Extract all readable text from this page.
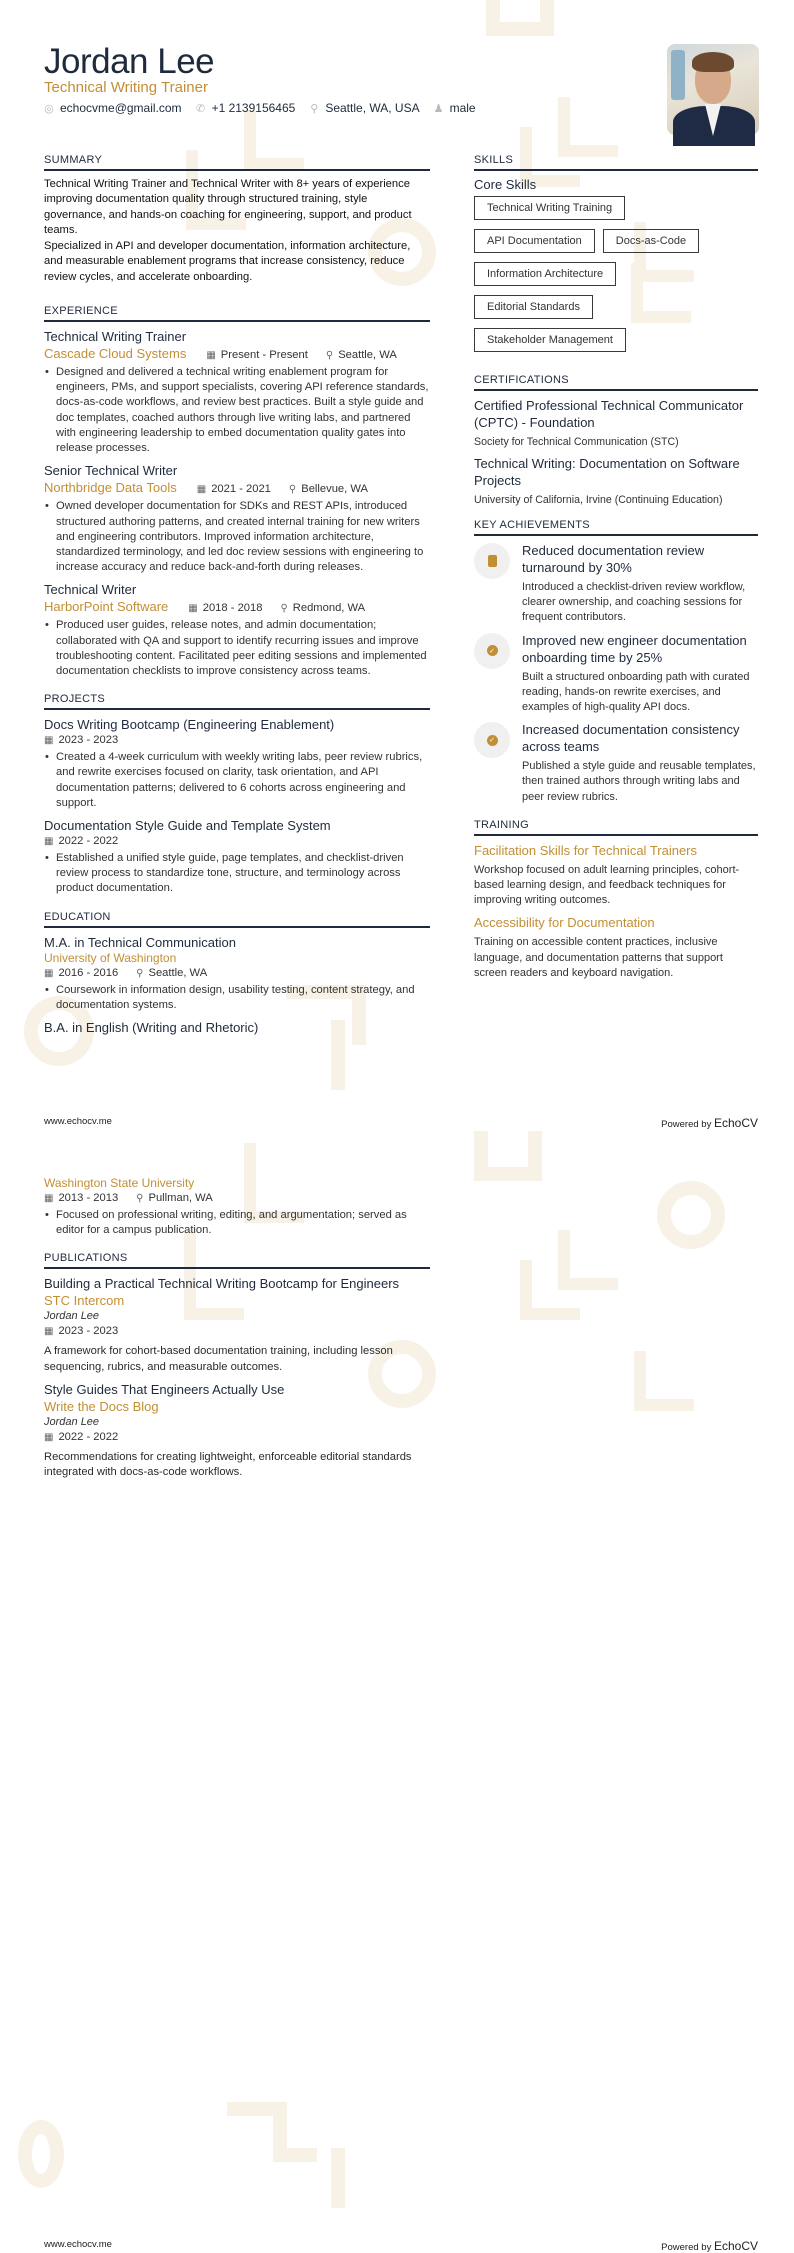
Jordan Lee
Technical Writing Trainer
◎ echocvme@gmail.com ✆ +1 2139156465 ⚲ Seattle, WA, USA ♟ male
SUMMARY

Technical Writing Trainer and Technical Writer with 8+ years of experience improving documentation quality through structured training, style governance, and hands-on coaching for engineering, support, and product teams.

Specialized in API and developer documentation, information architecture, and measurable enablement programs that increase consistency, reduce review cycles, and accelerate onboarding.

EXPERIENCE
Technical Writing Trainer
Cascade Cloud Systems ▦ Present - Present ⚲ Seattle, WA
• Designed and delivered a technical writing enablement program for engineers, PMs, and support specialists, covering API reference standards, docs-as-code workflows, and review best practices. Built a style guide and doc templates, coached authors through live writing labs, and partnered with engineering leadership to embed documentation quality gates into release processes.
Senior Technical Writer
Northbridge Data Tools ▦ 2021 - 2021 ⚲ Bellevue, WA
• Owned developer documentation for SDKs and REST APIs, introduced structured authoring patterns, and created internal training for new writers and engineering contributors. Improved information architecture, standardized terminology, and led doc review sessions with engineering to increase accuracy and reduce back-and-forth during releases.
Technical Writer
HarborPoint Software ▦ 2018 - 2018 ⚲ Redmond, WA
• Produced user guides, release notes, and admin documentation; collaborated with QA and support to identify recurring issues and improve troubleshooting content. Facilitated peer editing sessions and implemented documentation checklists to improve consistency across teams.
PROJECTS
Docs Writing Bootcamp (Engineering Enablement)
▦ 2023 - 2023
• Created a 4-week curriculum with weekly writing labs, peer review rubrics, and rewrite exercises focused on clarity, task orientation, and API documentation patterns; delivered to 6 cohorts across engineering and support.
Documentation Style Guide and Template System
▦ 2022 - 2022
• Established a unified style guide, page templates, and checklist-driven review process to standardize tone, structure, and terminology across product documentation.
EDUCATION
M.A. in Technical Communication
University of Washington
▦ 2016 - 2016 ⚲ Seattle, WA
• Coursework in information design, usability testing, content strategy, and documentation systems.
B.A. in English (Writing and Rhetoric)
SKILLS
Core Skills
Technical Writing Training
API Documentation	Docs-as-Code
Information Architecture
Editorial Standards
Stakeholder Management
CERTIFICATIONS
Certified Professional Technical Communicator (CPTC) - Foundation
Society for Technical Communication (STC)
Technical Writing: Documentation on Software Projects
University of California, Irvine (Continuing Education)
KEY ACHIEVEMENTS
Reduced documentation review turnaround by 30%
Introduced a checklist-driven review workflow, clearer ownership, and coaching sessions for frequent contributors.
✓
Improved new engineer documentation onboarding time by 25%
Built a structured onboarding path with curated reading, hands-on rewrite exercises, and examples of high-quality API docs.
✓
Increased documentation consistency across teams
Published a style guide and reusable templates, then trained authors through writing labs and peer review rubrics.
TRAINING
Facilitation Skills for Technical Trainers
Workshop focused on adult learning principles, cohort-based learning design, and feedback techniques for improving writing outcomes.
Accessibility for Documentation
Training on accessible content practices, inclusive language, and documentation patterns that support screen readers and keyboard navigation.
www.echocv.me	Powered by EchoCV
Washington State University
▦ 2013 - 2013 ⚲ Pullman, WA
• Focused on professional writing, editing, and argumentation; served as editor for a campus publication.
PUBLICATIONS
Building a Practical Technical Writing Bootcamp for Engineers
STC Intercom
Jordan Lee
▦ 2023 - 2023
A framework for cohort-based documentation training, including lesson sequencing, rubrics, and measurable outcomes.
Style Guides That Engineers Actually Use
Write the Docs Blog
Jordan Lee
▦ 2022 - 2022
Recommendations for creating lightweight, enforceable editorial standards integrated with docs-as-code workflows.
www.echocv.me	Powered by EchoCV
